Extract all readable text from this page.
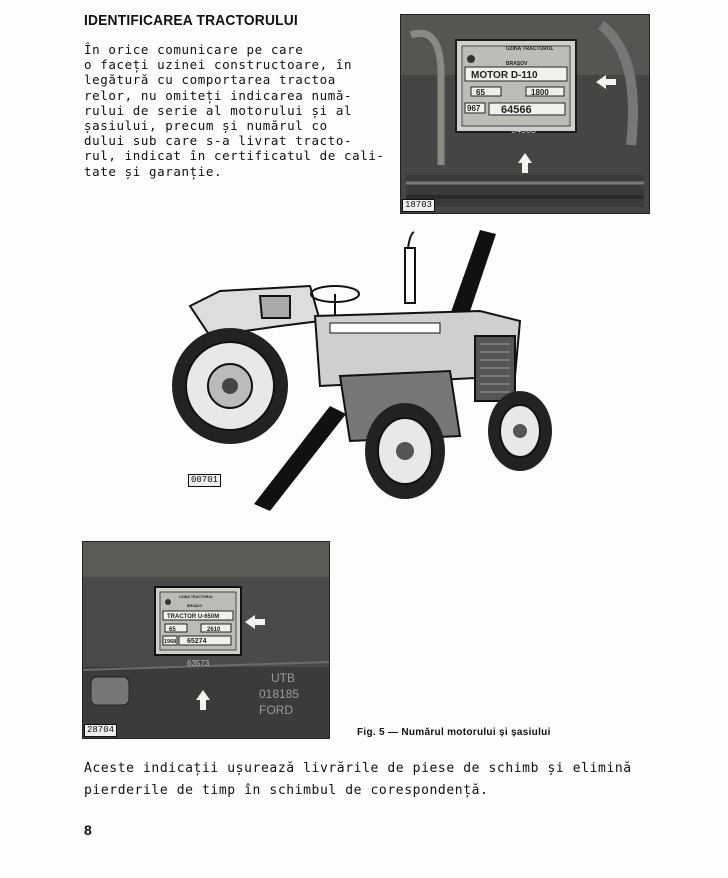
IDENTIFICAREA TRACTORULUI
În orice comunicare pe care
o faceți uzinei constructoare, în
legătură cu comportarea tractoa
relor, nu omiteți indicarea numă-
rului de serie al motorului și al
șasiului, precum și numărul co
dului sub care s-a livrat tracto-
rul, indicat în certificatul de cali-
tate și garanție.
UZINA TRACTORUL
BRAȘOV
MOTOR D-110
65	1800
967 64566
64566
18703
00701
UZINA TRACTORUL
BRAȘOV
TRACTOR U-650M
65	2610
1968 65274
63573
UTB
018185
FORD
28704	Fig. 5 — Numărul motorului și șasiului
Aceste indicații ușurează livrările de piese de schimb și elimină
pierderile de timp în schimbul de corespondență.
8
